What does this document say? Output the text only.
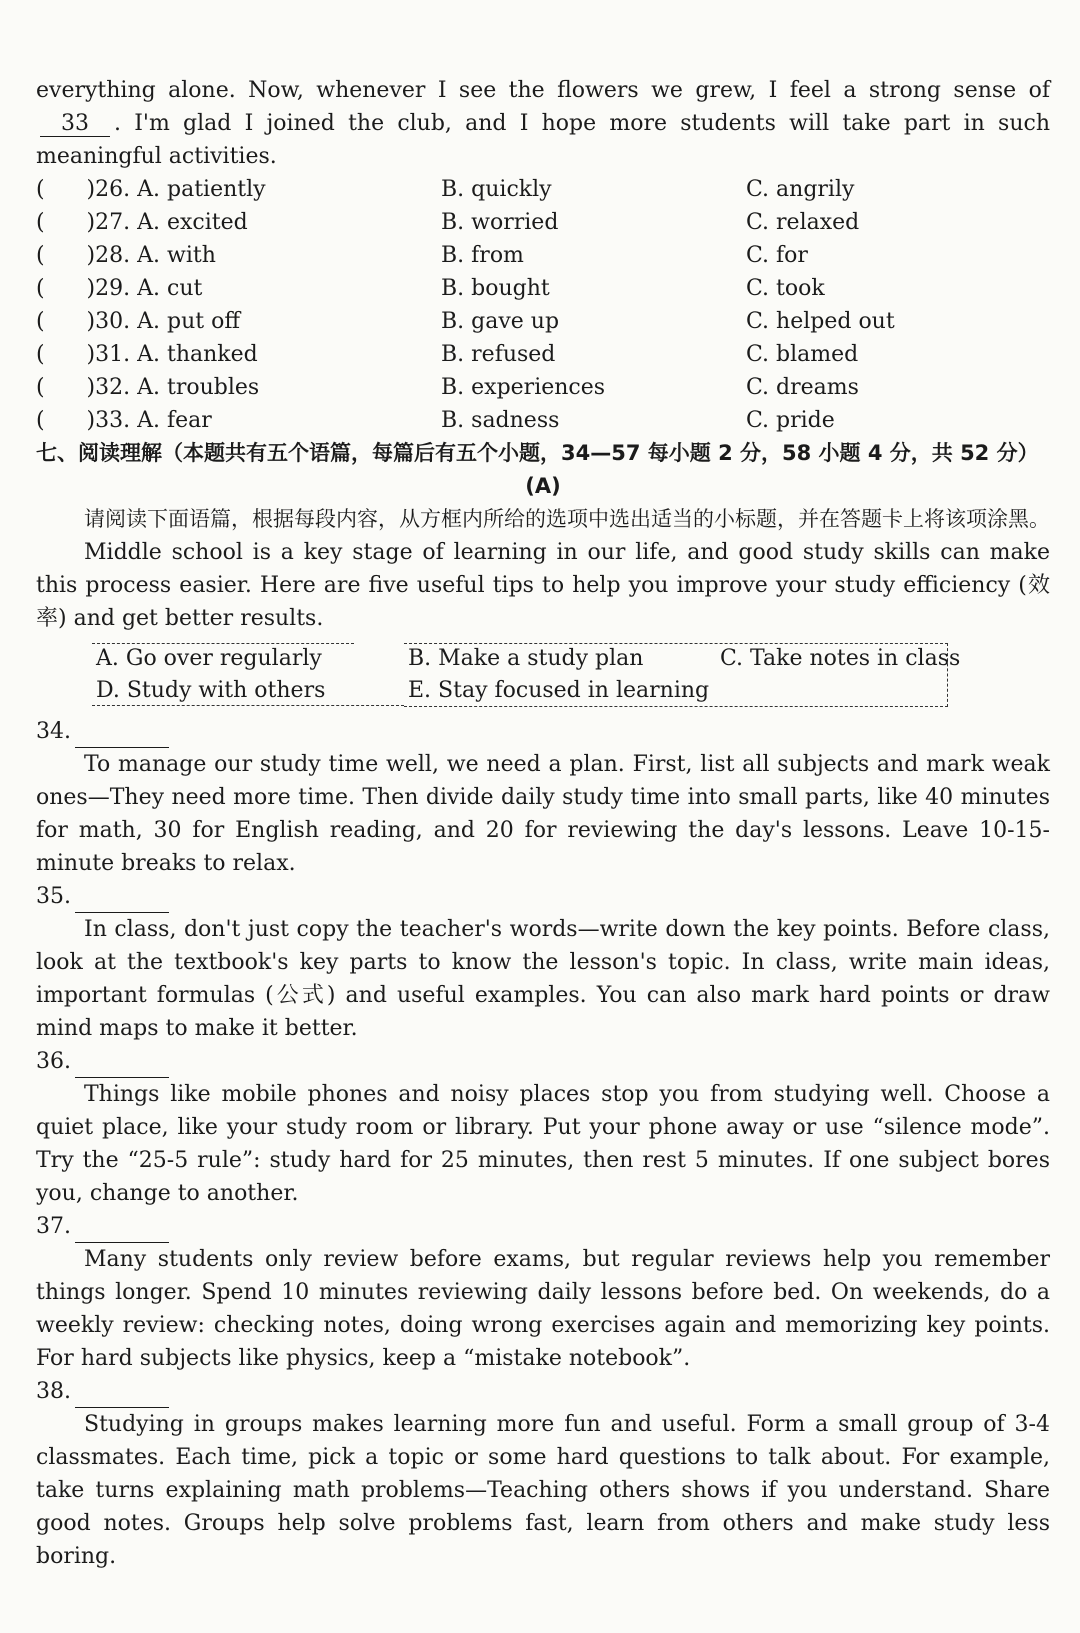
everything alone. Now, whenever I see the flowers we grew, I feel a strong sense of 33 . I'm glad I joined the club, and I hope more students will take part in such meaningful activities.

(      )26. A. patiently	B. quickly	C. angrily
(      )27. A. excited	B. worried	C. relaxed
(      )28. A. with	B. from	C. for
(      )29. A. cut	B. bought	C. took
(      )30. A. put off	B. gave up	C. helped out
(      )31. A. thanked	B. refused	C. blamed
(      )32. A. troubles	B. experiences	C. dreams
(      )33. A. fear	B. sadness	C. pride

七、阅读理解（本题共有五个语篇，每篇后有五个小题，34—57 每小题 2 分，58 小题 4 分，共 52 分）

(A)

请阅读下面语篇，根据每段内容，从方框内所给的选项中选出适当的小标题，并在答题卡上将该项涂黑。

Middle school is a key stage of learning in our life, and good study skills can make this process easier. Here are five useful tips to help you improve your study efficiency (效率) and get better results.

A. Go over regularly	B. Make a study plan	C. Take notes in class
D. Study with others	E. Stay focused in learning

34.

To manage our study time well, we need a plan. First, list all subjects and mark weak ones—They need more time. Then divide daily study time into small parts, like 40 minutes for math, 30 for English reading, and 20 for reviewing the day's lessons. Leave 10-15-minute breaks to relax.

35.

In class, don't just copy the teacher's words—write down the key points. Before class, look at the textbook's key parts to know the lesson's topic. In class, write main ideas, important formulas (公式) and useful examples. You can also mark hard points or draw mind maps to make it better.

36.

Things like mobile phones and noisy places stop you from studying well. Choose a quiet place, like your study room or library. Put your phone away or use “silence mode”. Try the “25-5 rule”: study hard for 25 minutes, then rest 5 minutes. If one subject bores you, change to another.

37.

Many students only review before exams, but regular reviews help you remember things longer. Spend 10 minutes reviewing daily lessons before bed. On weekends, do a weekly review: checking notes, doing wrong exercises again and memorizing key points. For hard subjects like physics, keep a “mistake notebook”.

38.

Studying in groups makes learning more fun and useful. Form a small group of 3-4 classmates. Each time, pick a topic or some hard questions to talk about. For example, take turns explaining math problems—Teaching others shows if you understand. Share good notes. Groups help solve problems fast, learn from others and make study less boring.
